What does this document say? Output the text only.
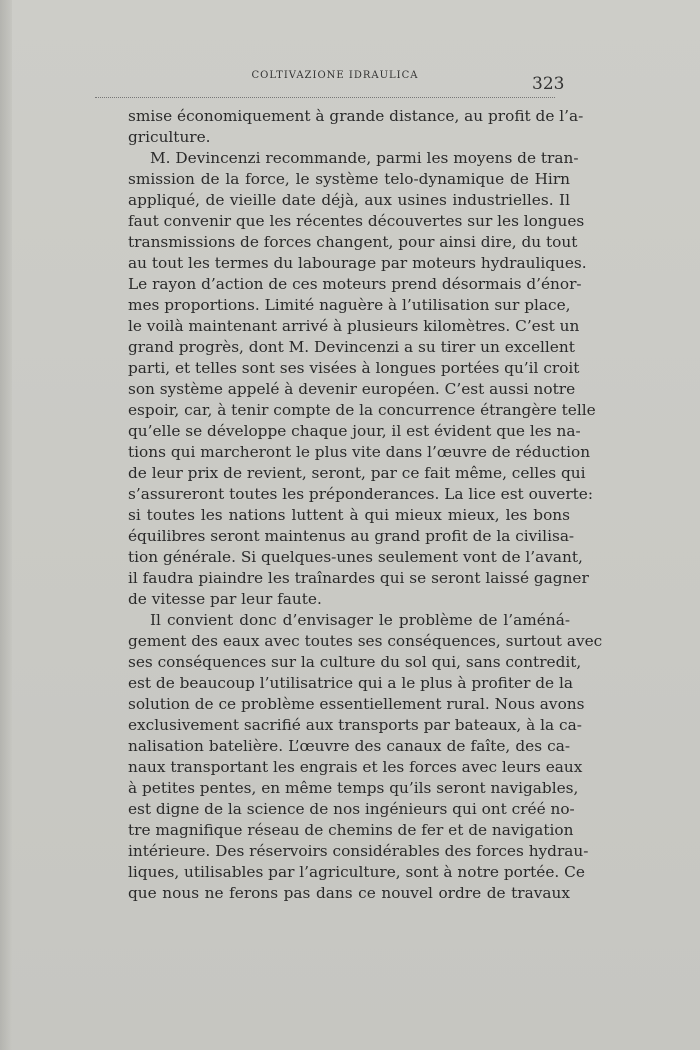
COLTIVAZIONE IDRAULICA	323
smise économiquement à grande distance, au profit de l’a-
griculture.
M. Devincenzi recommande, parmi les moyens de tran-
smission de la force, le système telo-dynamique de Hirn
appliqué, de vieille date déjà, aux usines industrielles. Il
faut convenir que les récentes découvertes sur les longues
transmissions de forces changent, pour ainsi dire, du tout
au tout les termes du labourage par moteurs hydrauliques.
Le rayon d’action de ces moteurs prend désormais d’énor-
mes proportions. Limité naguère à l’utilisation sur place,
le voilà maintenant arrivé à plusieurs kilomètres. C’est un
grand progrès, dont M. Devincenzi a su tirer un excellent
parti, et telles sont ses visées à longues portées qu’il croit
son système appelé à devenir européen. C’est aussi notre
espoir, car, à tenir compte de la concurrence étrangère telle
qu’elle se développe chaque jour, il est évident que les na-
tions qui marcheront le plus vite dans l’œuvre de réduction
de leur prix de revient, seront, par ce fait même, celles qui
s’assureront toutes les préponderances. La lice est ouverte:
si toutes les nations luttent à qui mieux mieux, les bons
équilibres seront maintenus au grand profit de la civilisa-
tion générale. Si quelques-unes seulement vont de l’avant,
il faudra piaindre les traînardes qui se seront laissé gagner
de vitesse par leur faute.
Il convient donc d’envisager le problème de l’améná-
gement des eaux avec toutes ses conséquences, surtout avec
ses conséquences sur la culture du sol qui, sans contredit,
est de beaucoup l’utilisatrice qui a le plus à profiter de la
solution de ce problème essentiellement rural. Nous avons
exclusivement sacrifié aux transports par bateaux, à la ca-
nalisation batelière. L’œuvre des canaux de faîte, des ca-
naux transportant les engrais et les forces avec leurs eaux
à petites pentes, en même temps qu’ils seront navigables,
est digne de la science de nos ingénieurs qui ont créé no-
tre magnifique réseau de chemins de fer et de navigation
intérieure. Des réservoirs considérables des forces hydrau-
liques, utilisables par l’agriculture, sont à notre portée. Ce
que nous ne ferons pas dans ce nouvel ordre de travaux
